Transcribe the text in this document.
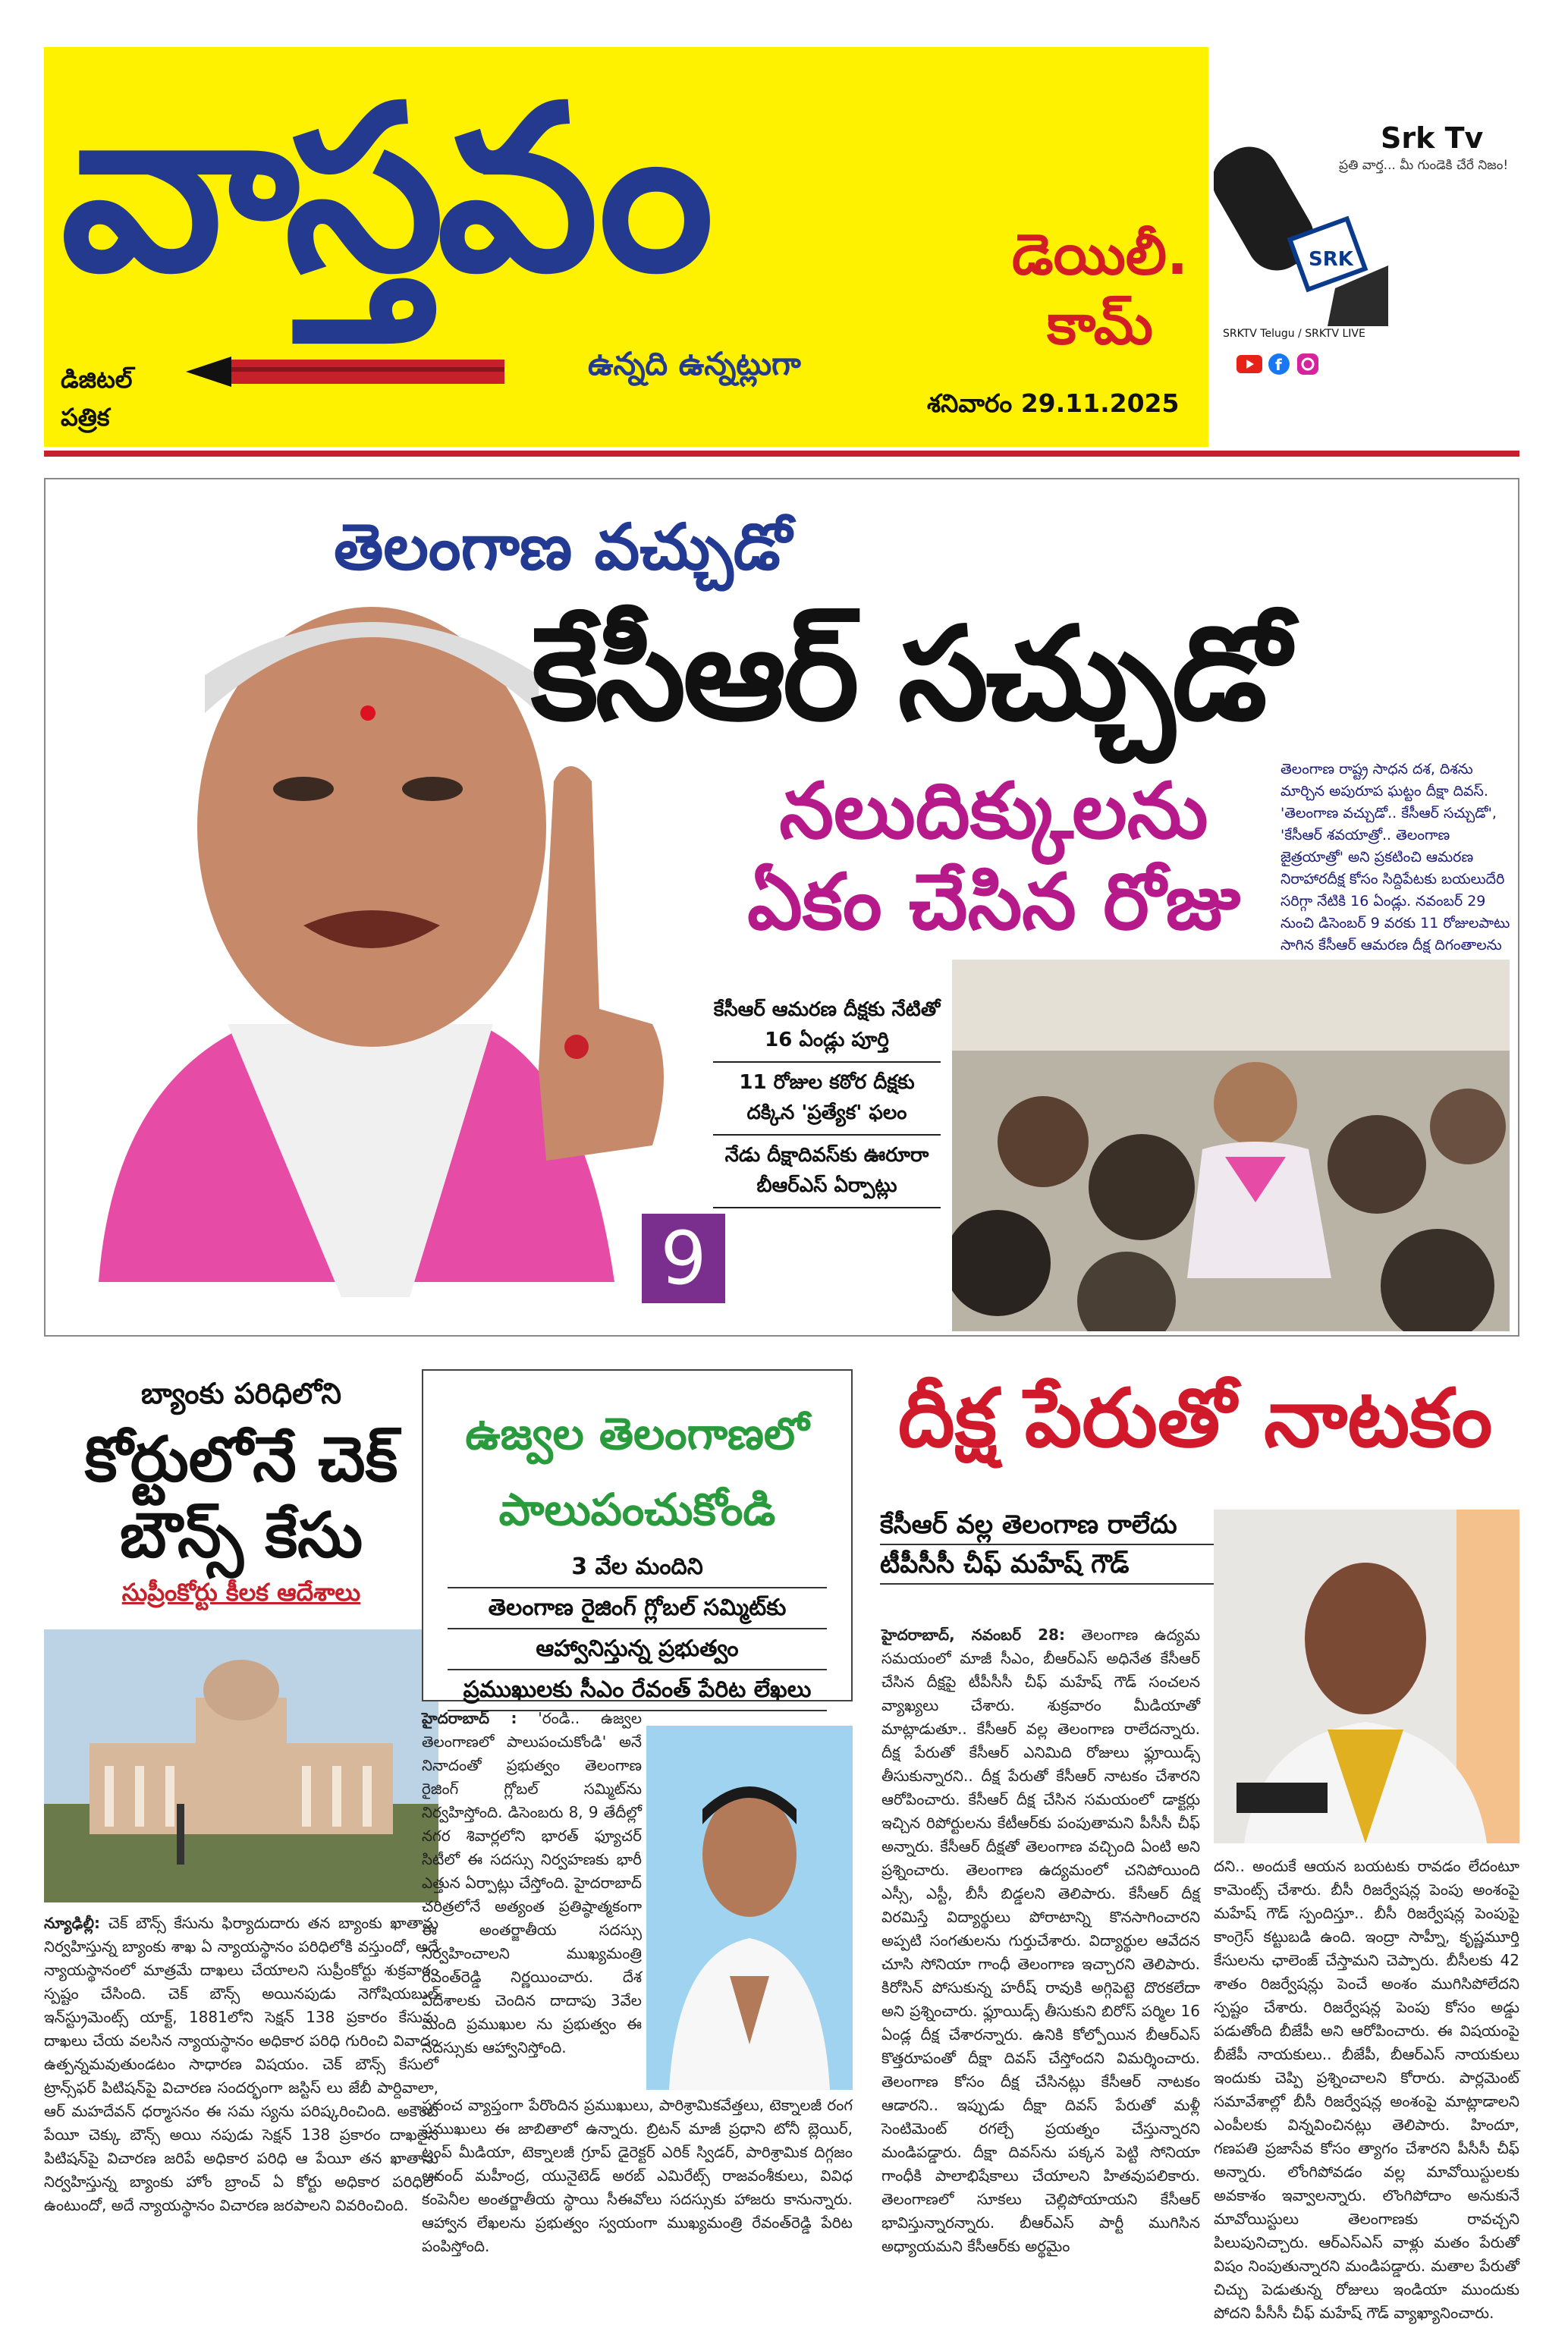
వాస్తవం	డెయిలీ. కామ్
ఉన్నది ఉన్నట్లుగా
డిజిటల్ పత్రిక	శనివారం 29.11.2025
SRK
Srk Tv
ప్రతి వార్త... మీ గుండెకి చేరే నిజం!
SRKTV Telugu / SRKTV LIVE
f
తెలంగాణ వచ్చుడో
కేసీఆర్ సచ్చుడో
నలుదిక్కులను
ఏకం చేసిన రోజు
తెలంగాణ రాష్ట్ర సాధన దశ, దిశను మార్చిన అపురూప ఘట్టం దీక్షా దివస్. 'తెలంగాణ వచ్చుడో.. కేసీఆర్ సచ్చుడో', 'కేసీఆర్ శవయాత్రో.. తెలంగాణ జైత్రయాత్రో' అని ప్రకటించి ఆమరణ నిరాహారదీక్ష కోసం సిద్దిపేటకు బయలుదేరి సరిగ్గా నేటికి 16 ఏండ్లు. నవంబర్ 29 నుంచి డిసెంబర్ 9 వరకు 11 రోజులపాటు సాగిన కేసీఆర్ ఆమరణ దీక్ష దిగంతాలను
కేసీఆర్ ఆమరణ దీక్షకు నేటితో 16 ఏండ్లు పూర్తి
11 రోజుల కఠోర దీక్షకు దక్కిన 'ప్రత్యేక' ఫలం
నేడు దీక్షాదివస్‌కు ఊరూరా బీఆర్ఎస్ ఏర్పాట్లు
9
బ్యాంకు పరిధిలోని
కోర్టులోనే చెక్ బౌన్స్ కేసు
సుప్రీంకోర్టు కీలక ఆదేశాలు
న్యూఢిల్లీ: చెక్ బౌన్స్ కేసును ఫిర్యాదుదారు తన బ్యాంకు ఖాతాను నిర్వహిస్తున్న బ్యాంకు శాఖ ఏ న్యాయస్థానం పరిధిలోకి వస్తుందో, అదే న్యాయస్థానంలో మాత్రమే దాఖలు చేయాలని సుప్రీంకోర్టు శుక్రవారం స్పష్టం చేసింది. చెక్ బౌన్స్ అయినపుడు నెగోషియబుల్ ఇన్‌స్ట్రుమెంట్స్ యాక్ట్, 1881లోని సెక్షన్ 138 ప్రకారం కేసును దాఖలు చేయ వలసిన న్యాయస్థానం అధికార పరిధి గురించి వివాదం ఉత్పన్నమవుతుండటం సాధారణ విషయం. చెక్ బౌన్స్ కేసులో ట్రాన్స్‌ఫర్ పిటిషన్‌పై విచారణ సందర్భంగా జస్టిస్ లు జేబీ పార్దివాలా, ఆర్ మహదేవన్ ధర్మాసనం ఈ సమ స్యను పరిష్కరించింది. అకౌంట్ పేయీ చెక్కు బౌన్స్ అయి నపుడు సెక్షన్ 138 ప్రకారం దాఖలైన పిటిషన్‌పై విచారణ జరిపే అధికార పరిధి ఆ పేయీ తన ఖాతాను నిర్వహిస్తున్న బ్యాంకు హోం బ్రాంచ్ ఏ కోర్టు అధికార పరిధిలో ఉంటుందో, అదే న్యాయస్థానం విచారణ జరపాలని వివరించింది.
ఉజ్వల తెలంగాణలో
పాలుపంచుకోండి
3 వేల మందిని
తెలంగాణ రైజింగ్ గ్లోబల్ సమ్మిట్‌కు
ఆహ్వానిస్తున్న ప్రభుత్వం
ప్రముఖులకు సీఎం రేవంత్ పేరిట లేఖలు
హైదరాబాద్ : 'రండి.. ఉజ్వల తెలంగాణలో పాలుపంచుకోండి' అనే నినాదంతో ప్రభుత్వం తెలంగాణ రైజింగ్ గ్లోబల్ సమ్మిట్‌ను నిర్వహిస్తోంది. డిసెంబరు 8, 9 తేదీల్లో నగర శివార్లలోని భారత్ ఫ్యూచర్ సిటీలో ఈ సదస్సు నిర్వహణకు భారీ ఎత్తున ఏర్పాట్లు చేస్తోంది. హైదరాబాద్ చరిత్రలోనే అత్యంత ప్రతిష్ఠాత్మకంగా ఈ అంతర్జాతీయ సదస్సు నిర్వహించాలని ముఖ్యమంత్రి రేవంత్‌రెడ్డి నిర్ణయించారు. దేశ విదేశాలకు చెందిన దాదాపు 3వేల మంది ప్రముఖుల ను ప్రభుత్వం ఈ సదస్సుకు ఆహ్వానిస్తోంది.
ప్రపంచ వ్యాప్తంగా పేరొందిన ప్రముఖులు, పారిశ్రామికవేత్తలు, టెక్నాలజీ రంగ ప్రముఖులు ఈ జాబితాలో ఉన్నారు. బ్రిటన్ మాజీ ప్రధాని టోనీ బ్లెయిర్, ట్రంప్ మీడియా, టెక్నాలజీ గ్రూప్ డైరెక్టర్ ఎరిక్ స్విడర్, పారిశ్రామిక దిగ్గజం ఆనంద్ మహీంద్ర, యునైటెడ్ అరబ్ ఎమిరేట్స్ రాజవంశీకులు, వివిధ కంపెనీల అంతర్జాతీయ స్థాయి సీఈవోలు సదస్సుకు హాజరు కానున్నారు. ఆహ్వాన లేఖలను ప్రభుత్వం స్వయంగా ముఖ్యమంత్రి రేవంత్‌రెడ్డి పేరిట పంపిస్తోంది.
దీక్ష పేరుతో నాటకం
కేసీఆర్ వల్ల తెలంగాణ రాలేదు
టీపీసీసీ చీఫ్ మహేష్ గౌడ్
హైదరాబాద్, నవంబర్ 28: తెలంగాణ ఉద్యమ సమయంలో మాజీ సీఎం, బీఆర్ఎస్ అధినేత కేసీఆర్ చేసిన దీక్షపై టీపీసీసీ చీఫ్ మహేష్ గౌడ్ సంచలన వ్యాఖ్యలు చేశారు. శుక్రవారం మీడియాతో మాట్లాడుతూ.. కేసీఆర్ వల్ల తెలంగాణ రాలేదన్నారు. దీక్ష పేరుతో కేసీఆర్ ఎనిమిది రోజులు ఫ్లూయిడ్స్ తీసుకున్నారని.. దీక్ష పేరుతో కేసీఆర్ నాటకం చేశారని ఆరోపించారు. కేసీఆర్ దీక్ష చేసిన సమయంలో డాక్టర్లు ఇచ్చిన రిపోర్టులను కేటీఆర్‌కు పంపుతామని పీసీసీ చీఫ్ అన్నారు. కేసీఆర్ దీక్షతో తెలంగాణ వచ్చింది ఏంటి అని ప్రశ్నించారు. తెలంగాణ ఉద్యమంలో చనిపోయింది ఎస్సీ, ఎస్టీ, బీసీ బిడ్డలని తెలిపారు. కేసీఆర్ దీక్ష విరమిస్తే విద్యార్థులు పోరాటాన్ని కొనసాగించారని అప్పటి సంగతులను గుర్తుచేశారు. విద్యార్థుల ఆవేదన చూసి సోనియా గాంధీ తెలంగాణ ఇచ్చారని తెలిపారు. కిరోసిన్ పోసుకున్న హరీష్ రావుకి అగ్గిపెట్టె దొరకలేదా అని ప్రశ్నించారు. ఫ్లూయిడ్స్ తీసుకుని బిరోస్ పర్మిల 16 ఏండ్ల దీక్ష చేశారన్నారు. ఉనికి కోల్పోయిన బీఆర్ఎస్ కొత్తరూపంతో దీక్షా దివస్ చేస్తోందని విమర్శించారు. తెలంగాణ కోసం దీక్ష చేసినట్లు కేసీఆర్ నాటకం ఆడారని.. ఇప్పుడు దీక్షా దివస్ పేరుతో మళ్లీ సెంటిమెంట్ రగల్చే ప్రయత్నం చేస్తున్నారని మండిపడ్డారు. దీక్షా దివస్‌ను పక్కన పెట్టి సోనియా గాంధీకి పాలాభిషేకాలు చేయాలని హితవుపలికారు. తెలంగాణలో సూకలు చెల్లిపోయాయని కేసీఆర్ భావిస్తున్నారన్నారు. బీఆర్ఎస్ పార్టీ ముగిసిన అధ్యాయమని కేసీఆర్‌కు అర్థమైం
దని.. అందుకే ఆయన బయటకు రావడం లేదంటూ కామెంట్స్ చేశారు. బీసీ రిజర్వేషన్ల పెంపు అంశంపై మహేష్ గౌడ్ స్పందిస్తూ.. బీసీ రిజర్వేషన్ల పెంపుపై కాంగ్రెస్ కట్టుబడి ఉంది. ఇంద్రా సాహ్నీ, కృష్ణమూర్తి కేసులను ఛాలెంజ్ చేస్తామని చెప్పారు. బీసీలకు 42 శాతం రిజర్వేషన్లు పెంచే అంశం ముగిసిపోలేదని స్పష్టం చేశారు. రిజర్వేషన్ల పెంపు కోసం అడ్డు పడుతోంది బీజేపీ అని ఆరోపించారు. ఈ విషయంపై బీజేపీ నాయకులు.. బీజేపీ, బీఆర్ఎస్ నాయకులు ఇందుకు చెప్పి ప్రశ్నించాలని కోరారు. పార్లమెంట్ సమావేశాల్లో బీసీ రిజర్వేషన్ల అంశంపై మాట్లాడాలని ఎంపీలకు విన్నవించినట్లు తెలిపారు. హిందూ, గణపతి ప్రజాసేవ కోసం త్యాగం చేశారని పీసీసీ చీఫ్ అన్నారు. లోంగిపోవడం వల్ల మావోయిస్టులకు అవకాశం ఇవ్వాలన్నారు. లొంగిపోదాం అనుకునే మావోయిస్టులు తెలంగాణకు రావచ్చని పిలుపునిచ్చారు. ఆర్ఎస్ఎస్ వాళ్లు మతం పేరుతో విషం నింపుతున్నారని మండిపడ్డారు. మతాల పేరుతో చిచ్చు పెడుతున్న రోజులు ఇండియా ముందుకు పోదని పీసీసీ చీఫ్ మహేష్ గౌడ్ వ్యాఖ్యానించారు.
